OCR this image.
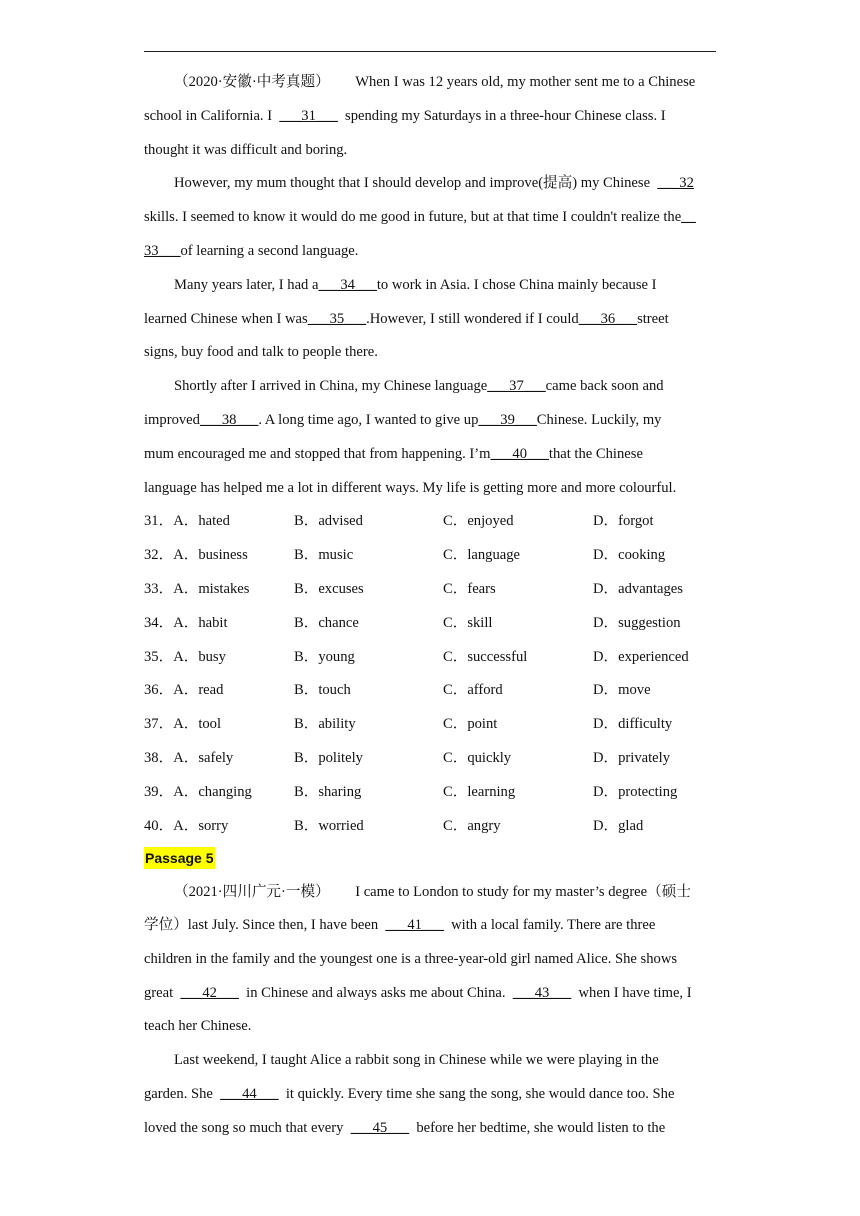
（2020·安徽·中考真题）       When I was 12 years old, my mother sent me to a Chinese
school in California. I  ___31___  spending my Saturdays in a three-hour Chinese class. I
thought it was difficult and boring.
However, my mum thought that I should develop and improve(提高) my Chinese  ___32
skills. I seemed to know it would do me good in future, but at that time I couldn't realize the__
33___of learning a second language.
Many years later, I had a___34___to work in Asia. I chose China mainly because I
learned Chinese when I was___35___.However, I still wondered if I could___36___street
signs, buy food and talk to people there.
Shortly after I arrived in China, my Chinese language___37___came back soon and
improved___38___. A long time ago, I wanted to give up___39___Chinese. Luckily, my
mum encouraged me and stopped that from happening. I’m___40___that the Chinese
language has helped me a lot in different ways. My life is getting more and more colourful.
31．A．hated	B．advised	C．enjoyed	D．forgot
32．A．business	B．music	C．language	D．cooking
33．A．mistakes	B．excuses	C．fears	D．advantages
34．A．habit	B．chance	C．skill	D．suggestion
35．A．busy	B．young	C．successful	D．experienced
36．A．read	B．touch	C．afford	D．move
37．A．tool	B．ability	C．point	D．difficulty
38．A．safely	B．politely	C．quickly	D．privately
39．A．changing	B．sharing	C．learning	D．protecting
40．A．sorry	B．worried	C．angry	D．glad
Passage 5
（2021·四川广元·一模）       I came to London to study for my master’s degree（硕士
学位）last July. Since then, I have been  ___41___  with a local family. There are three
children in the family and the youngest one is a three-year-old girl named Alice. She shows
great  ___42___  in Chinese and always asks me about China.  ___43___  when I have time, I
teach her Chinese.
Last weekend, I taught Alice a rabbit song in Chinese while we were playing in the
garden. She  ___44___  it quickly. Every time she sang the song, she would dance too. She
loved the song so much that every  ___45___  before her bedtime, she would listen to the
